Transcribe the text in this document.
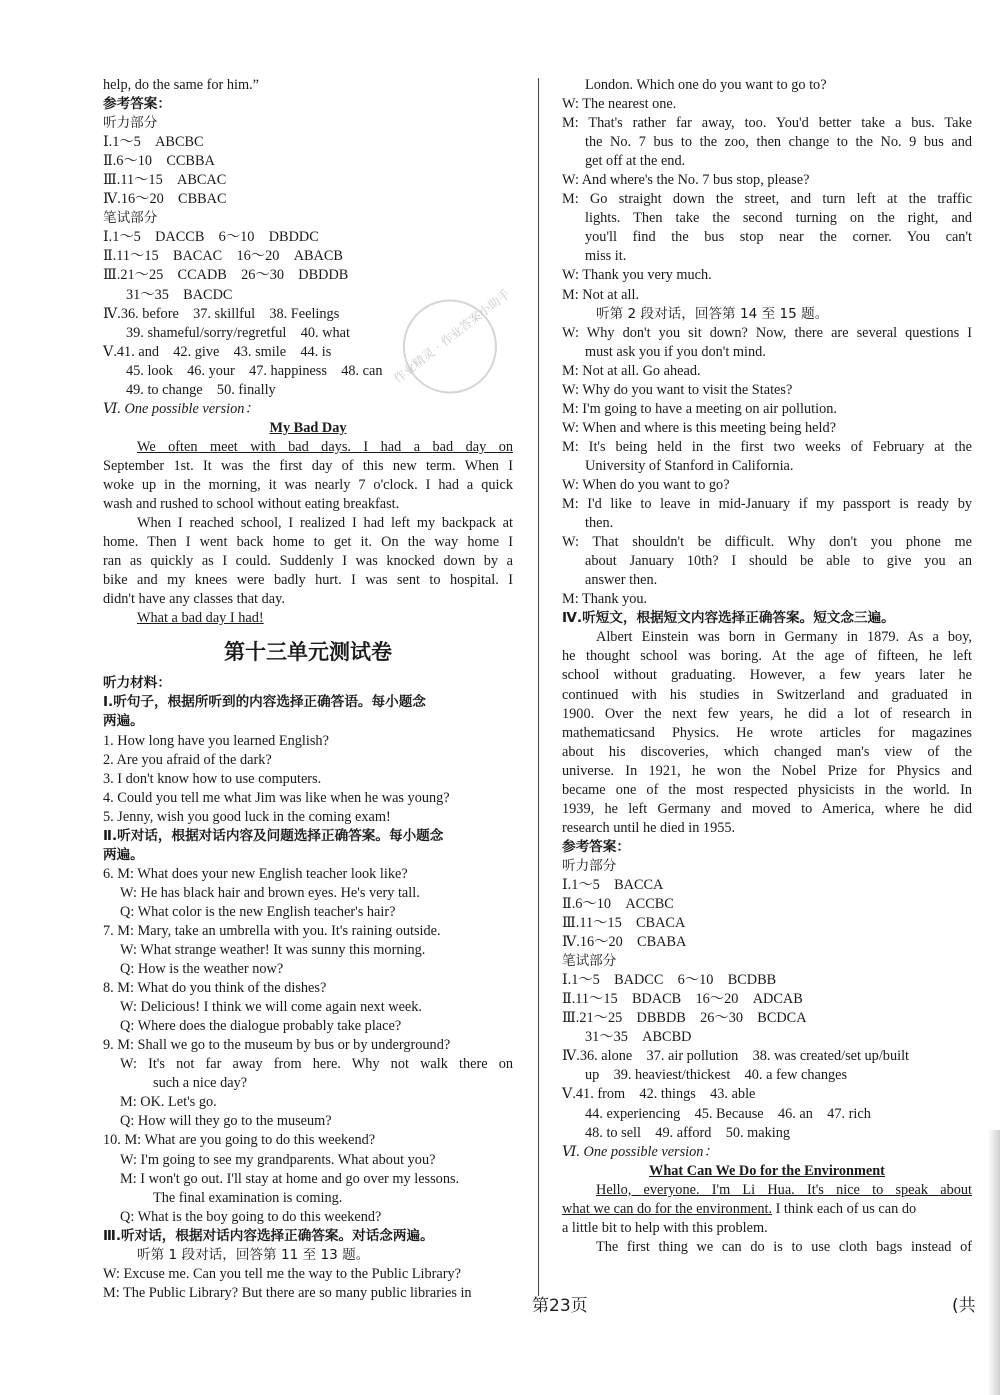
help, do the same for him.”
参考答案：
听力部分
Ⅰ.1～5　ABCBC
Ⅱ.6～10　CCBBA
Ⅲ.11～15　ABCAC
Ⅳ.16～20　CBBAC
笔试部分
Ⅰ.1～5　DACCB　6～10　DBDDC
Ⅱ.11～15　BACAC　16～20　ABACB
Ⅲ.21～25　CCADB　26～30　DBDDB
31～35　BACDC
Ⅳ.36. before　37. skillful　38. Feelings
39. shameful/sorry/regretful　40. what
Ⅴ.41. and　42. give　43. smile　44. is
45. look　46. your　47. happiness　48. can
49. to change　50. finally
Ⅵ. One possible version：
My Bad Day
We often meet with bad days. I had a bad day on
September 1st. It was the first day of this new term. When I
woke up in the morning, it was nearly 7 o'clock. I had a quick
wash and rushed to school without eating breakfast.
When I reached school, I realized I had left my backpack at
home. Then I went back home to get it. On the way home I
ran as quickly as I could. Suddenly I was knocked down by a
bike and my knees were badly hurt. I was sent to hospital. I
didn't have any classes that day.
What a bad day I had!
第十三单元测试卷
听力材料：
Ⅰ.听句子，根据所听到的内容选择正确答语。每小题念
两遍。
1. How long have you learned English?
2. Are you afraid of the dark?
3. I don't know how to use computers.
4. Could you tell me what Jim was like when he was young?
5. Jenny, wish you good luck in the coming exam!
Ⅱ.听对话，根据对话内容及问题选择正确答案。每小题念
两遍。
6. M: What does your new English teacher look like?
W: He has black hair and brown eyes. He's very tall.
Q: What color is the new English teacher's hair?
7. M: Mary, take an umbrella with you. It's raining outside.
W: What strange weather! It was sunny this morning.
Q: How is the weather now?
8. M: What do you think of the dishes?
W: Delicious! I think we will come again next week.
Q: Where does the dialogue probably take place?
9. M: Shall we go to the museum by bus or by underground?
W: It's not far away from here. Why not walk there on
such a nice day?
M: OK. Let's go.
Q: How will they go to the museum?
10. M: What are you going to do this weekend?
W: I'm going to see my grandparents. What about you?
M: I won't go out. I'll stay at home and go over my lessons.
The final examination is coming.
Q: What is the boy going to do this weekend?
Ⅲ.听对话，根据对话内容选择正确答案。对话念两遍。
听第 1 段对话，回答第 11 至 13 题。
W: Excuse me. Can you tell me the way to the Public Library?
M: The Public Library? But there are so many public libraries in
London. Which one do you want to go to?
W: The nearest one.
M: That's rather far away, too. You'd better take a bus. Take
the No. 7 bus to the zoo, then change to the No. 9 bus and
get off at the end.
W: And where's the No. 7 bus stop, please?
M: Go straight down the street, and turn left at the traffic
lights. Then take the second turning on the right, and
you'll find the bus stop near the corner. You can't
miss it.
W: Thank you very much.
M: Not at all.
听第 2 段对话，回答第 14 至 15 题。
W: Why don't you sit down? Now, there are several questions I
must ask you if you don't mind.
M: Not at all. Go ahead.
W: Why do you want to visit the States?
M: I'm going to have a meeting on air pollution.
W: When and where is this meeting being held?
M: It's being held in the first two weeks of February at the
University of Stanford in California.
W: When do you want to go?
M: I'd like to leave in mid-January if my passport is ready by
then.
W: That shouldn't be difficult. Why don't you phone me
about January 10th? I should be able to give you an
answer then.
M: Thank you.
Ⅳ.听短文，根据短文内容选择正确答案。短文念三遍。
Albert Einstein was born in Germany in 1879. As a boy,
he thought school was boring. At the age of fifteen, he left
school without graduating. However, a few years later he
continued with his studies in Switzerland and graduated in
1900. Over the next few years, he did a lot of research in
mathematicsand Physics. He wrote articles for magazines
about his discoveries, which changed man's view of the
universe. In 1921, he won the Nobel Prize for Physics and
became one of the most respected physicists in the world. In
1939, he left Germany and moved to America, where he did
research until he died in 1955.
参考答案：
听力部分
Ⅰ.1～5　BACCA
Ⅱ.6～10　ACCBC
Ⅲ.11～15　CBACA
Ⅳ.16～20　CBABA
笔试部分
Ⅰ.1～5　BADCC　6～10　BCDBB
Ⅱ.11～15　BDACB　16～20　ADCAB
Ⅲ.21～25　DBBDB　26～30　BCDCA
31～35　ABCBD
Ⅳ.36. alone　37. air pollution　38. was created/set up/built
up　39. heaviest/thickest　40. a few changes
Ⅴ.41. from　42. things　43. able
44. experiencing　45. Because　46. an　47. rich
48. to sell　49. afford　50. making
Ⅵ. One possible version：
What Can We Do for the Environment
Hello, everyone. I'm Li Hua. It's nice to speak about
what we can do for the environment. I think each of us can do
a little bit to help with this problem.
The first thing we can do is to use cloth bags instead of
作业精灵 · 作业答案小助手
第23页	(共
